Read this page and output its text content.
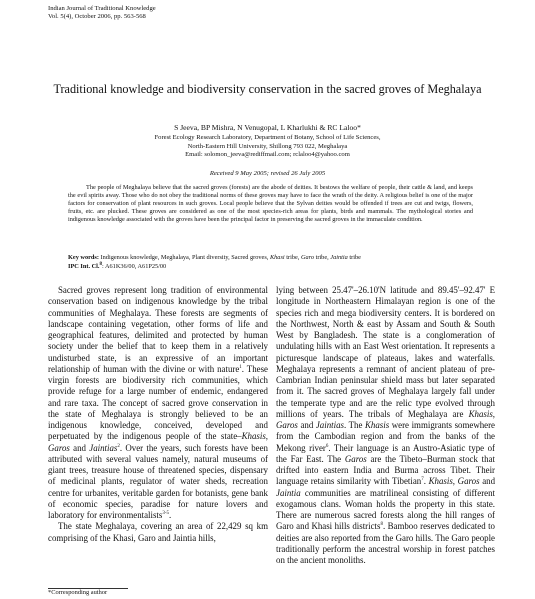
Indian Journal of Traditional Knowledge
Vol. 5(4), October 2006, pp. 563-568
Traditional knowledge and biodiversity conservation in the sacred groves of Meghalaya
S Jeeva, BP Mishra, N Venugopal, L Kharlukhi & RC Laloo*
Forest Ecology Research Laboratory, Department of Botany, School of Life Sciences,
North-Eastern Hill University, Shillong 793 022, Meghalaya
Email: solomon_jeeva@rediffmail.com; rclaloo4@yahoo.com
Received 9 May 2005; revised 26 July 2005
The people of Meghalaya believe that the sacred groves (forests) are the abode of deities. It bestows the welfare of people, their cattle & land, and keeps the evil spirits away. Those who do not obey the traditional norms of these groves may have to face the wrath of the deity. A religious belief is one of the major factors for conservation of plant resources in such groves. Local people believe that the Sylvan deities would be offended if trees are cut and twigs, flowers, fruits, etc. are plucked. These groves are considered as one of the most species-rich areas for plants, birds and mammals. The mythological stories and indigenous knowledge associated with the groves have been the principal factor in preserving the sacred groves in the immaculate condition.
Key words: Indigenous knowledge, Meghalaya, Plant diversity, Sacred groves, Khasi tribe, Garo tribe, Jaintia tribe
IPC Int. Cl.$^8$: A61K36/00, A61P25/00

Sacred groves represent long tradition of environmental conservation based on indigenous knowledge by the tribal communities of Meghalaya. These forests are segments of landscape containing vegetation, other forms of life and geographical features, delimited and protected by human society under the belief that to keep them in a relatively undisturbed state, is an expressive of an important relationship of human with the divine or with nature$^1$. These virgin forests are biodiversity rich communities, which provide refuge for a large number of endemic, endangered and rare taxa. The concept of sacred grove conservation in the state of Meghalaya is strongly believed to be an indigenous knowledge, conceived, developed and perpetuated by the indigenous people of the state–Khasis, Garos and Jaintias$^2$. Over the years, such forests have been attributed with several values namely, natural museums of giant trees, treasure house of threatened species, dispensary of medicinal plants, regulator of water sheds, recreation centre for urbanites, veritable garden for botanists, gene bank of economic species, paradise for nature lovers and laboratory for environmentalists$^{3-5}$.

The state Meghalaya, covering an area of 22,429 sq km comprising of the Khasi, Garo and Jaintia hills,

lying between 25.47'–26.10'N latitude and 89.45'–92.47' E longitude in Northeastern Himalayan region is one of the species rich and mega biodiversity centers. It is bordered on the Northwest, North & east by Assam and South & South West by Bangladesh. The state is a conglomeration of undulating hills with an East West orientation. It represents a picturesque landscape of plateaus, lakes and waterfalls. Meghalaya represents a remnant of ancient plateau of pre-Cambrian Indian peninsular shield mass but later separated from it. The sacred groves of Meghalaya largely fall under the temperate type and are the relic type evolved through millions of years. The tribals of Meghalaya are Khasis, Garos and Jaintias. The Khasis were immigrants somewhere from the Cambodian region and from the banks of the Mekong river$^6$. Their language is an Austro-Asiatic type of the Far East. The Garos are the Tibeto–Burman stock that drifted into eastern India and Burma across Tibet. Their language retains similarity with Tibetian$^7$. Khasis, Garos and Jaintia communities are matrilineal consisting of different exogamous clans. Woman holds the property in this state. There are numerous sacred forests along the hill ranges of Garo and Khasi hills districts$^8$. Bamboo reserves dedicated to deities are also reported from the Garo hills. The Garo people traditionally perform the ancestral worship in forest patches on the ancient monoliths.

*Corresponding author
